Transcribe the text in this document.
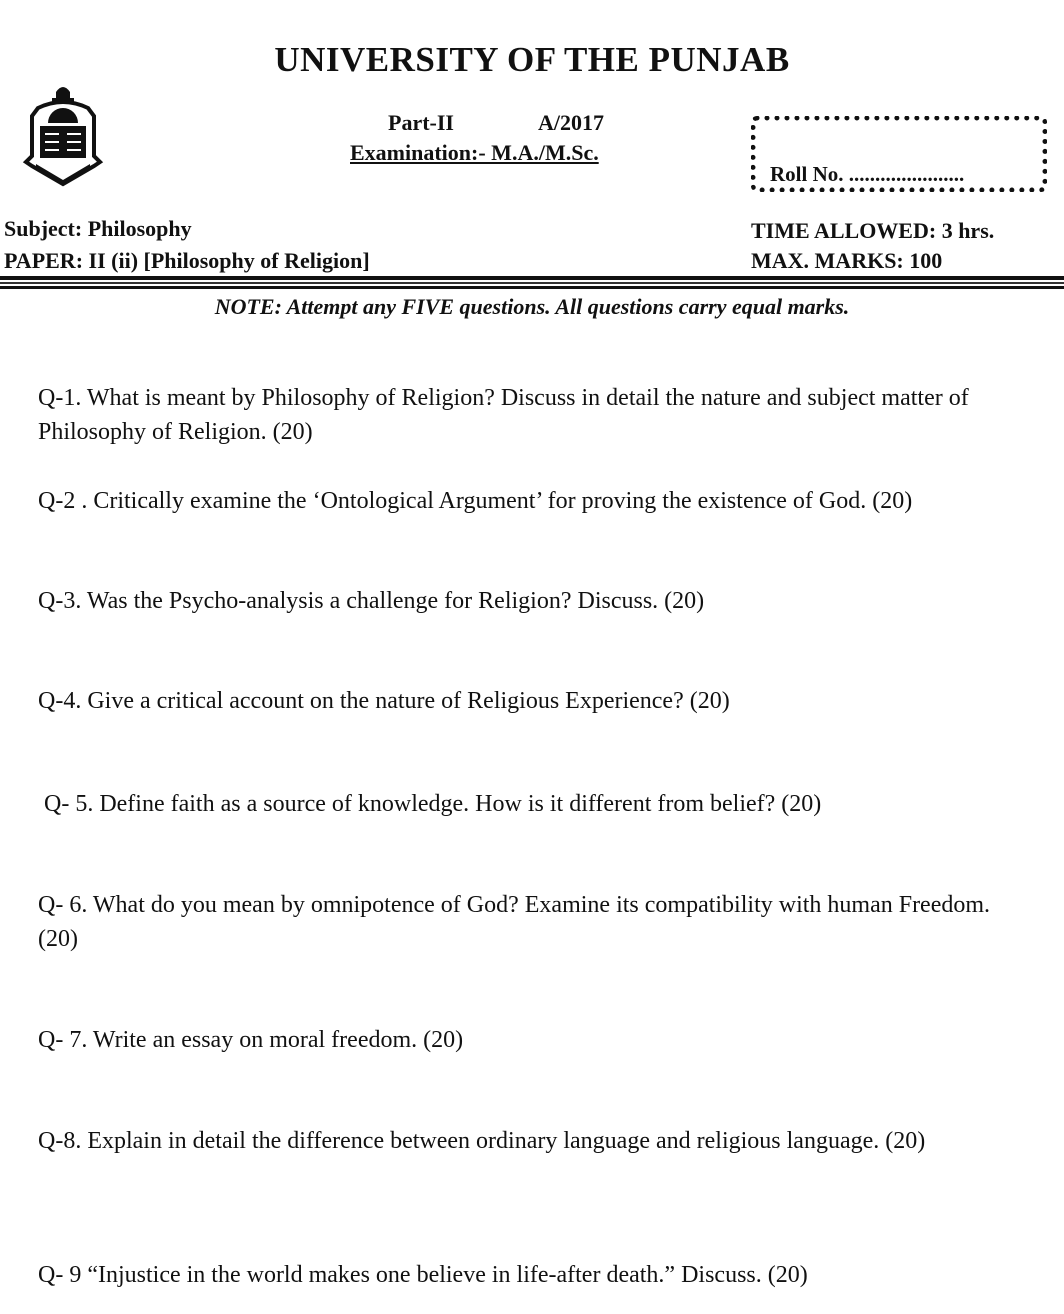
UNIVERSITY OF THE PUNJAB
Part-II	A/2017
Examination:- M.A./M.Sc.
Roll No. ......................
Subject: Philosophy
PAPER: II (ii) [Philosophy of Religion]
TIME ALLOWED: 3 hrs.
MAX. MARKS: 100
NOTE: Attempt any FIVE questions. All questions carry equal marks.
Q-1. What is meant by Philosophy of Religion? Discuss in detail the nature and subject matter of Philosophy of Religion. (20)
Q-2 . Critically examine the ‘Ontological Argument’ for proving the existence of God. (20)
Q-3. Was the Psycho-analysis a challenge for Religion? Discuss. (20)
Q-4. Give a critical account on the nature of Religious Experience? (20)
Q- 5. Define faith as a source of knowledge. How is it different from belief? (20)
Q- 6. What do you mean by omnipotence of God? Examine its compatibility with human Freedom. (20)
Q- 7. Write an essay on moral freedom. (20)
Q-8. Explain in detail the difference between ordinary language and religious language. (20)
Q- 9 “Injustice in the world makes one believe in life-after death.” Discuss. (20)
